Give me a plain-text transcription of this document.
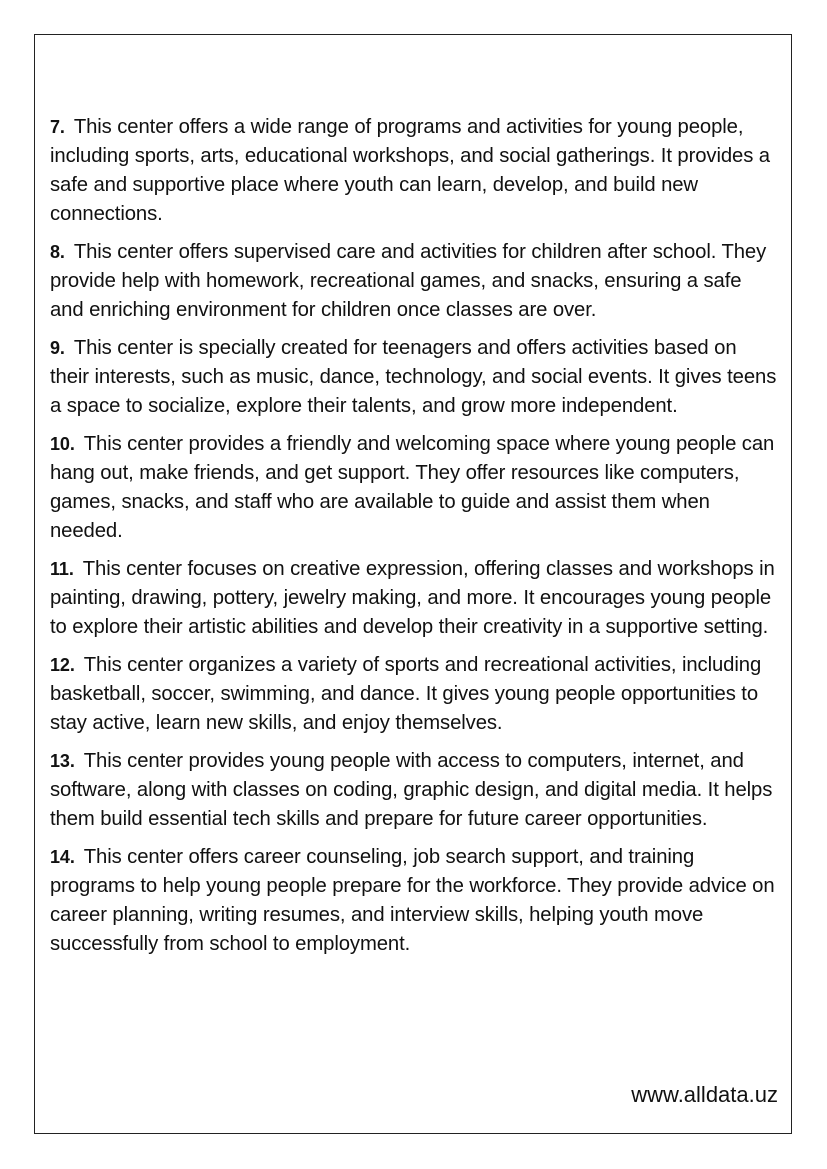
7. This center offers a wide range of programs and activities for young people, including sports, arts, educational workshops, and social gatherings. It provides a safe and supportive place where youth can learn, develop, and build new connections.

8. This center offers supervised care and activities for children after school. They provide help with homework, recreational games, and snacks, ensuring a safe and enriching environment for children once classes are over.

9. This center is specially created for teenagers and offers activities based on their interests, such as music, dance, technology, and social events. It gives teens a space to socialize, explore their talents, and grow more independent.

10. This center provides a friendly and welcoming space where young people can hang out, make friends, and get support. They offer resources like computers, games, snacks, and staff who are available to guide and assist them when needed.

11. This center focuses on creative expression, offering classes and workshops in painting, drawing, pottery, jewelry making, and more. It encourages young people to explore their artistic abilities and develop their creativity in a supportive setting.

12. This center organizes a variety of sports and recreational activities, including basketball, soccer, swimming, and dance. It gives young people opportunities to stay active, learn new skills, and enjoy themselves.

13. This center provides young people with access to computers, internet, and software, along with classes on coding, graphic design, and digital media. It helps them build essential tech skills and prepare for future career opportunities.

14. This center offers career counseling, job search support, and training programs to help young people prepare for the workforce. They provide advice on career planning, writing resumes, and interview skills, helping youth move successfully from school to employment.

www.alldata.uz
